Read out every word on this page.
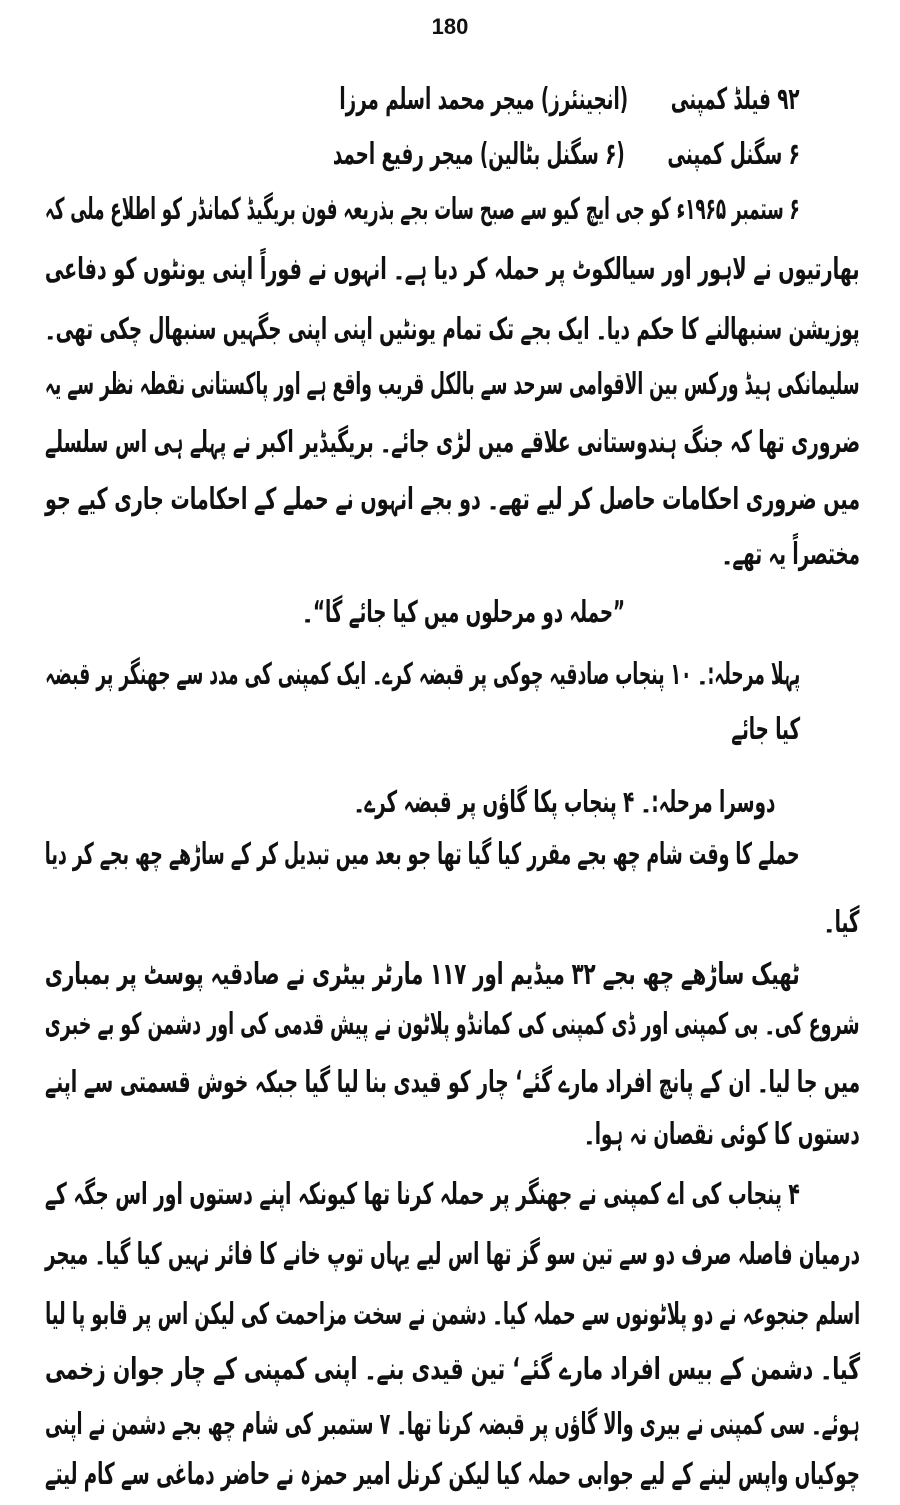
180
۹۲ فیلڈ کمپنی(انجینئرز) میجر محمد اسلم مرزا
۶ سگنل کمپنی(۶ سگنل بٹالین) میجر رفیع احمد
۶ ستمبر ۱۹۶۵ء کو جی ایچ کیو سے صبح سات بجے بذریعہ فون بریگیڈ کمانڈر کو اطلاع ملی کہ
بھارتیوں نے لاہور اور سیالکوٹ پر حملہ کر دیا ہے۔ انہوں نے فوراً اپنی یونٹوں کو دفاعی
پوزیشن سنبھالنے کا حکم دیا۔ ایک بجے تک تمام یونٹیں اپنی اپنی جگہیں سنبھال چکی تھی۔
سلیمانکی ہیڈ ورکس بین الاقوامی سرحد سے بالکل قریب واقع ہے اور پاکستانی نقطہ نظر سے یہ
ضروری تھا کہ جنگ ہندوستانی علاقے میں لڑی جائے۔ بریگیڈیر اکبر نے پہلے ہی اس سلسلے
میں ضروری احکامات حاصل کر لیے تھے۔ دو بجے انہوں نے حملے کے احکامات جاری کیے جو
مختصراً یہ تھے۔
”حملہ دو مرحلوں میں کیا جائے گا“۔
پہلا مرحلہ:۔ ۱۰ پنجاب صادقیہ چوکی پر قبضہ کرے۔ ایک کمپنی کی مدد سے جھنگر پر قبضہ
کیا جائے
دوسرا مرحلہ:۔ ۴ پنجاب پکا گاؤں پر قبضہ کرے۔
حملے کا وقت شام چھ بجے مقرر کیا گیا تھا جو بعد میں تبدیل کر کے ساڑھے چھ بجے کر دیا
گیا۔
ٹھیک ساڑھے چھ بجے ۳۲ میڈیم اور ۱۱۷ مارٹر بیٹری نے صادقیہ پوسٹ پر بمباری
شروع کی۔ بی کمپنی اور ڈی کمپنی کی کمانڈو پلاٹون نے پیش قدمی کی اور دشمن کو بے خبری
میں جا لیا۔ ان کے پانچ افراد مارے گئے‘ چار کو قیدی بنا لیا گیا جبکہ خوش قسمتی سے اپنے
دستوں کا کوئی نقصان نہ ہوا۔
۴ پنجاب کی اے کمپنی نے جھنگر پر حملہ کرنا تھا کیونکہ اپنے دستوں اور اس جگہ کے
درمیان فاصلہ صرف دو سے تین سو گز تھا اس لیے یہاں توپ خانے کا فائر نہیں کیا گیا۔ میجر
اسلم جنجوعہ نے دو پلاٹونوں سے حملہ کیا۔ دشمن نے سخت مزاحمت کی لیکن اس پر قابو پا لیا
گیا۔ دشمن کے بیس افراد مارے گئے‘ تین قیدی بنے۔ اپنی کمپنی کے چار جوان زخمی
ہوئے۔ سی کمپنی نے بیری والا گاؤں پر قبضہ کرنا تھا۔ ۷ ستمبر کی شام چھ بجے دشمن نے اپنی
چوکیاں واپس لینے کے لیے جوابی حملہ کیا لیکن کرنل امیر حمزہ نے حاضر دماغی سے کام لیتے
